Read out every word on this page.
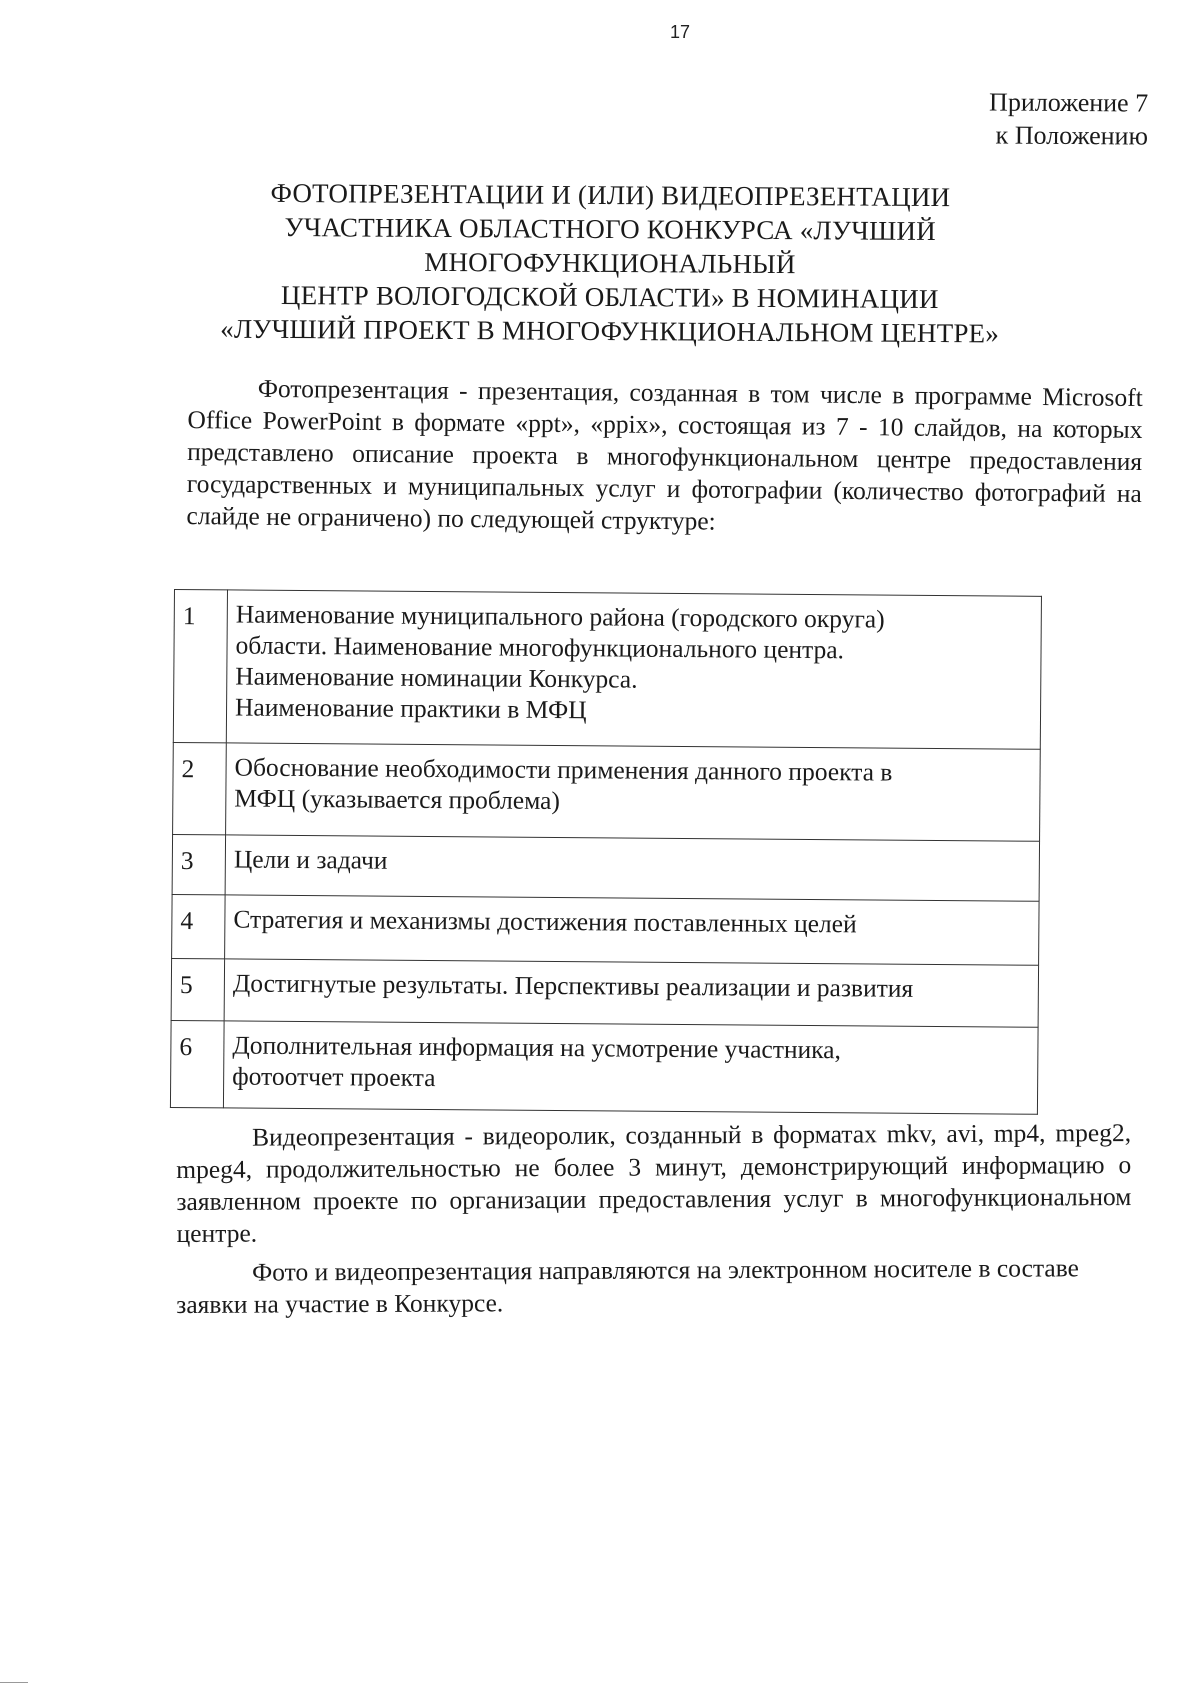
17
Приложение 7
к Положению
ФОТОПРЕЗЕНТАЦИИ И (ИЛИ) ВИДЕОПРЕЗЕНТАЦИИ
УЧАСТНИКА ОБЛАСТНОГО КОНКУРСА «ЛУЧШИЙ
МНОГОФУНКЦИОНАЛЬНЫЙ
ЦЕНТР ВОЛОГОДСКОЙ ОБЛАСТИ» В НОМИНАЦИИ
«ЛУЧШИЙ ПРОЕКТ В МНОГОФУНКЦИОНАЛЬНОМ ЦЕНТРЕ»

Фотопрезентация - презентация, созданная в том числе в программе Microsoft Office PowerPoint в формате «ppt», «ppix», состоящая из 7 - 10 слайдов, на которых представлено описание проекта в многофункциональном центре предоставления государственных и муниципальных услуг и фотографии (количество фотографий на слайде не ограничено) по следующей структуре:

1	Наименование муниципального района (городского округа)
области. Наименование многофункционального центра.
Наименование номинации Конкурса.
Наименование практики в МФЦ

2	Обоснование необходимости применения данного проекта в
МФЦ (указывается проблема)

3	Цели и задачи

4	Стратегия и механизмы достижения поставленных целей

5	Достигнутые результаты. Перспективы реализации и развития

6	Дополнительная информация на усмотрение участника,
фотоотчет проекта

Видеопрезентация - видеоролик, созданный в форматах mkv, avi, mp4, mpeg2, mpeg4, продолжительностью не более 3 минут, демонстрирующий информацию о заявленном проекте по организации предоставления услуг в многофункциональном центре.

Фото и видеопрезентация направляются на электронном носителе в составе заявки на участие в Конкурсе.
